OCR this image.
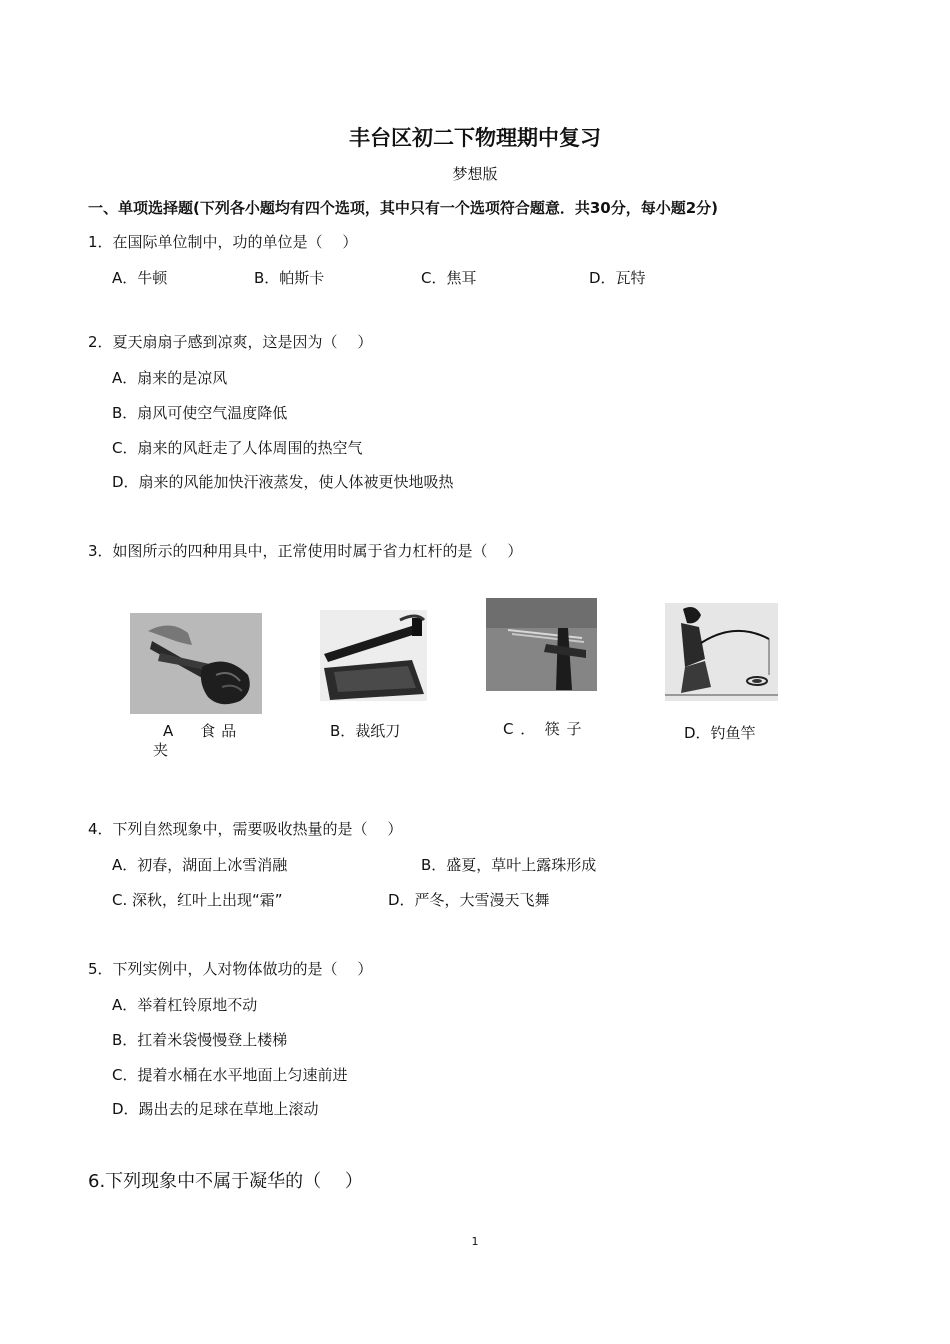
丰台区初二下物理期中复习
梦想版
一、单项选择题(下列各小题均有四个选项，其中只有一个选项符合题意．共30分，每小题2分)
1．在国际单位制中，功的单位是（　 ）
A．牛顿	B．帕斯卡	C．焦耳	D．瓦特
2．夏天扇扇子感到凉爽，这是因为（　 ）
A．扇来的是凉风
B．扇风可使空气温度降低
C．扇来的风赶走了人体周围的热空气
D．扇来的风能加快汗液蒸发，使人体被更快地吸热
3．如图所示的四种用具中，正常使用时属于省力杠杆的是（　 ）
A　食品
夹
B．裁纸刀	C ．　筷 子	D．钓鱼竿
4．下列自然现象中，需要吸收热量的是（　 ）
A．初春，湖面上冰雪消融	B．盛夏，草叶上露珠形成
C. 深秋，红叶上出现“霜”	D．严冬，大雪漫天飞舞
5．下列实例中，人对物体做功的是（　 ）
A．举着杠铃原地不动
B．扛着米袋慢慢登上楼梯
C．提着水桶在水平地面上匀速前进
D．踢出去的足球在草地上滚动
6.下列现象中不属于凝华的（　 ）
1
